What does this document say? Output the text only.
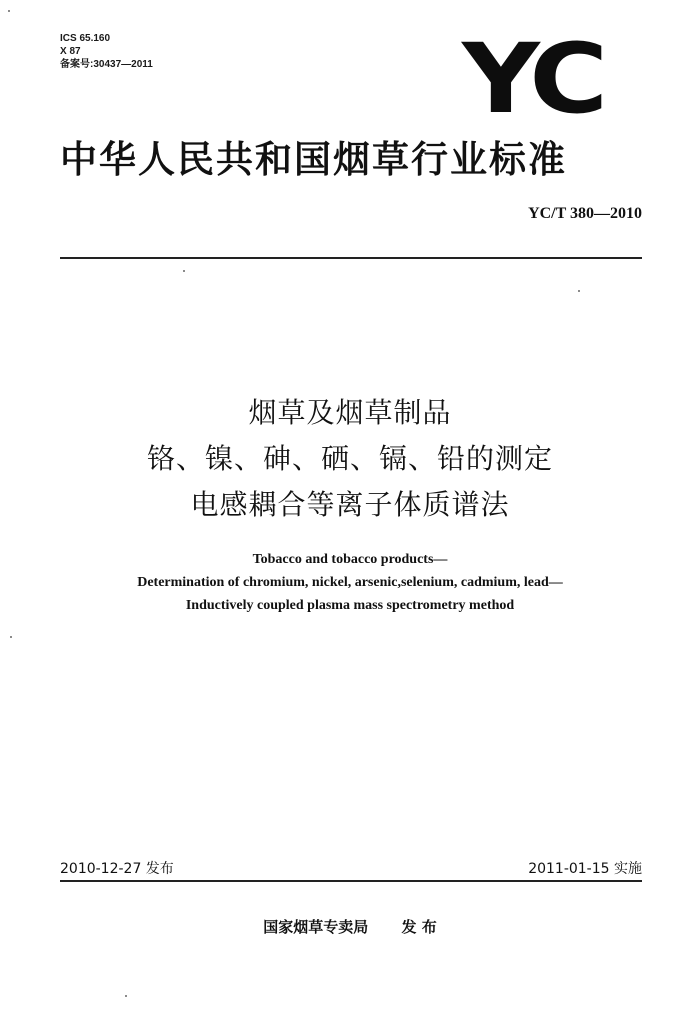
ICS 65.160
X 87
备案号:30437—2011	YC
中华人民共和国烟草行业标准
YC/T 380—2010
烟草及烟草制品
铬、镍、砷、硒、镉、铅的测定
电感耦合等离子体质谱法
Tobacco and tobacco products—
Determination of chromium, nickel, arsenic,selenium, cadmium, lead—
Inductively coupled plasma mass spectrometry method
2010-12-27 发布	2011-01-15 实施
国家烟草专卖局 发 布
